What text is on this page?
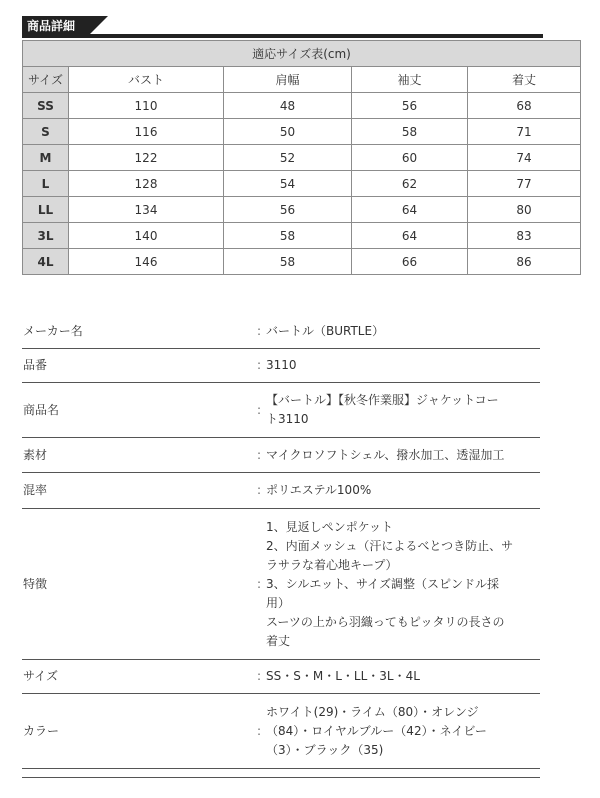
商品詳細
適応サイズ表(cm)				
サイズ	バスト	肩幅	袖丈	着丈
SS	110	48	56	68
S	116	50	58	71
M	122	52	60	74
L	128	54	62	77
LL	134	56	64	80
3L	140	58	64	83
4L	146	58	66	86
メーカー名	: バートル（BURTLE）
品番	: 3110
商品名	:
【バートル】【秋冬作業服】ジャケットコー
ト3110
素材	: マイクロソフトシェル、撥水加工、透湿加工
混率	: ポリエステル100%
特徴	:
1、見返しペンポケット
2、内面メッシュ（汗によるべとつき防止、サ
ラサラな着心地キープ）
3、シルエット、サイズ調整（スピンドル採
用）
スーツの上から羽織ってもピッタリの長さの
着丈
サイズ	: SS・S・M・L・LL・3L・4L
カラー	:
ホワイト(29)・ライム（80）・オレンジ
（84）・ロイヤルブルー（42）・ネイビー
（3）・ブラック（35)
